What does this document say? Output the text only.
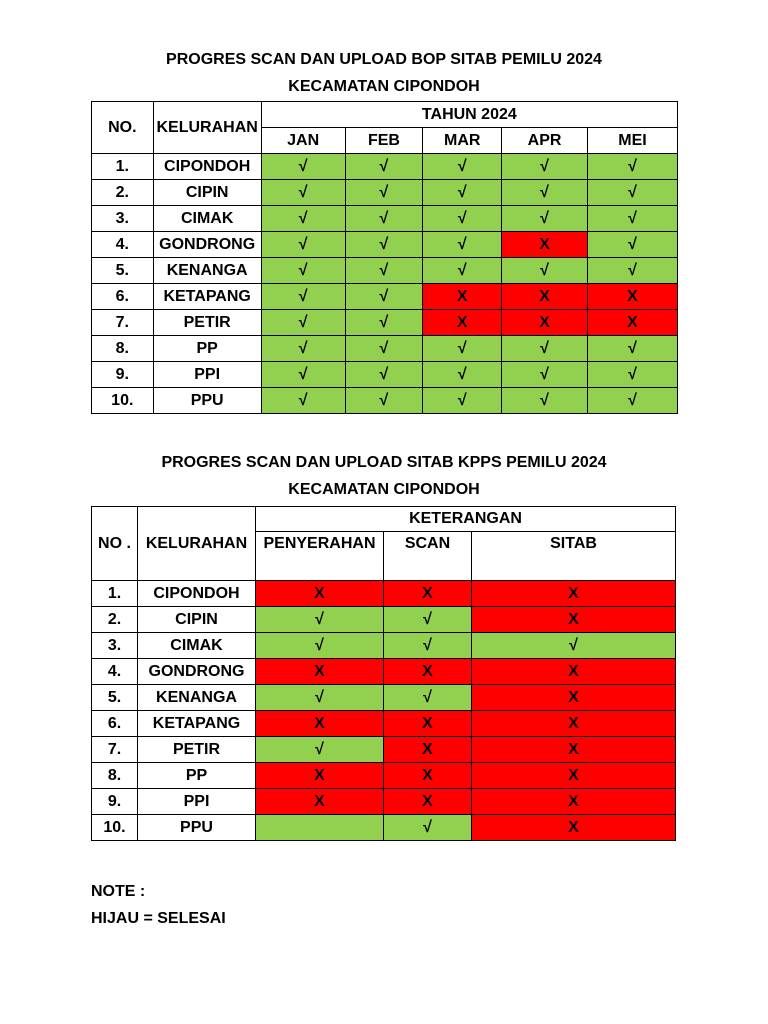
PROGRES SCAN DAN UPLOAD BOP SITAB PEMILU 2024
KECAMATAN CIPONDOH
NO.	KELURAHAN	TAHUN 2024				
		JAN	FEB	MAR	APR	MEI
1.	CIPONDOH	√	√	√	√	√
2.	CIPIN	√	√	√	√	√
3.	CIMAK	√	√	√	√	√
4.	GONDRONG	√	√	√	X	√
5.	KENANGA	√	√	√	√	√
6.	KETAPANG	√	√	X	X	X
7.	PETIR	√	√	X	X	X
8.	PP	√	√	√	√	√
9.	PPI	√	√	√	√	√
10.	PPU	√	√	√	√	√
PROGRES SCAN DAN UPLOAD SITAB KPPS PEMILU 2024
KECAMATAN CIPONDOH
NO .	KELURAHAN	KETERANGAN		
		PENYERAHAN	SCAN	SITAB
1.	CIPONDOH	X	X	X
2.	CIPIN	√	√	X
3.	CIMAK	√	√	√
4.	GONDRONG	X	X	X
5.	KENANGA	√	√	X
6.	KETAPANG	X	X	X
7.	PETIR	√	X	X
8.	PP	X	X	X
9.	PPI	X	X	X
10.	PPU		√	X
NOTE :
HIJAU = SELESAI
